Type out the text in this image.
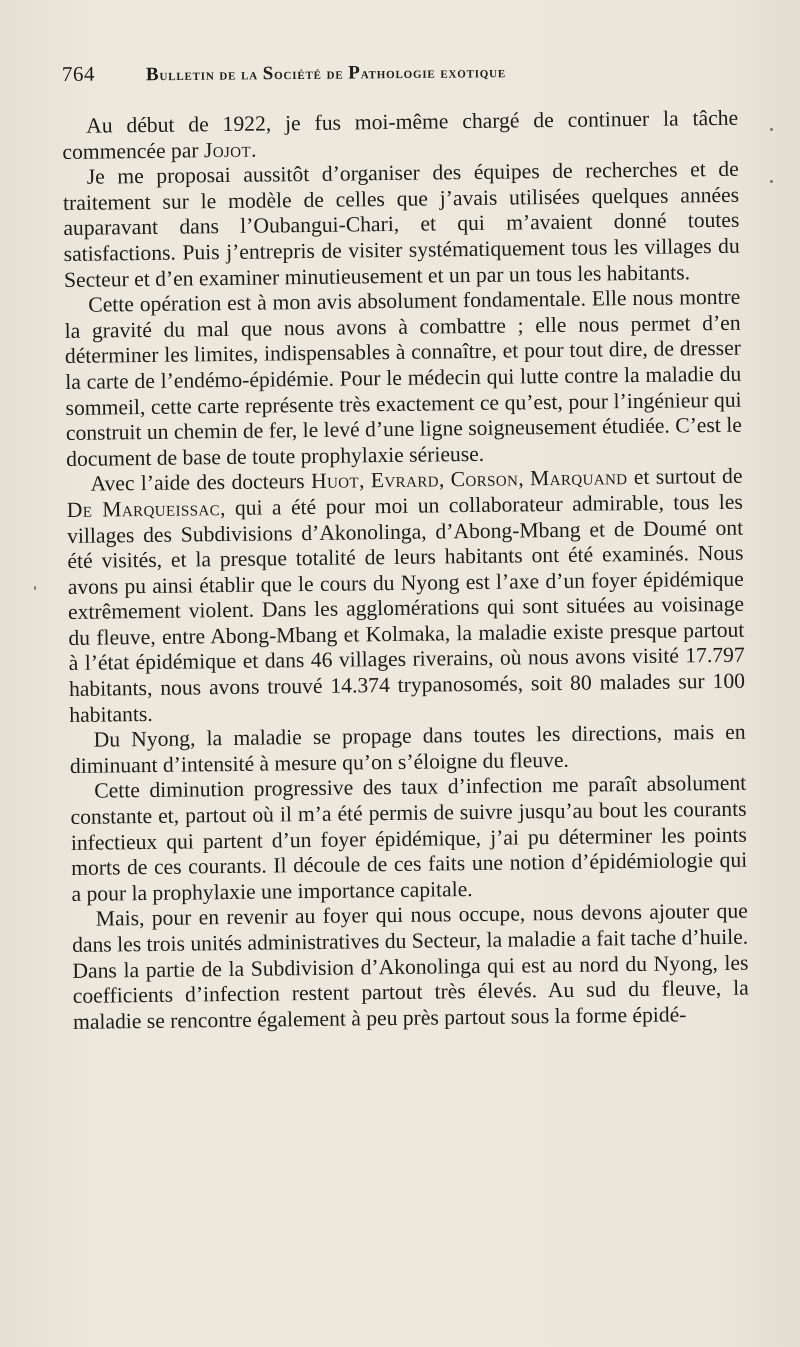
764	Bulletin de la Société de Pathologie exotique

Au début de 1922, je fus moi-même chargé de continuer la tâche commencée par Jojot.

Je me proposai aussitôt d’organiser des équipes de recherches et de traitement sur le modèle de celles que j’avais utilisées quelques années auparavant dans l’Oubangui-Chari, et qui m’avaient donné toutes satisfactions. Puis j’entrepris de visiter systématiquement tous les villages du Secteur et d’en examiner minutieusement et un par un tous les habitants.

Cette opération est à mon avis absolument fondamentale. Elle nous montre la gravité du mal que nous avons à combattre ; elle nous permet d’en déterminer les limites, indispensables à connaître, et pour tout dire, de dresser la carte de l’endémo-épidémie. Pour le médecin qui lutte contre la maladie du sommeil, cette carte représente très exactement ce qu’est, pour l’ingénieur qui construit un chemin de fer, le levé d’une ligne soigneusement étudiée. C’est le document de base de toute prophylaxie sérieuse.

Avec l’aide des docteurs Huot, Evrard, Corson, Marquand et surtout de De Marqueissac, qui a été pour moi un collaborateur admirable, tous les villages des Subdivisions d’Akonolinga, d’Abong-Mbang et de Doumé ont été visités, et la presque totalité de leurs habitants ont été examinés. Nous avons pu ainsi établir que le cours du Nyong est l’axe d’un foyer épidémique extrêmement violent. Dans les agglomérations qui sont situées au voisinage du fleuve, entre Abong-Mbang et Kolmaka, la maladie existe presque partout à l’état épidémique et dans 46 villages riverains, où nous avons visité 17.797 habitants, nous avons trouvé 14.374 trypanosomés, soit 80 malades sur 100 habitants.

Du Nyong, la maladie se propage dans toutes les directions, mais en diminuant d’intensité à mesure qu’on s’éloigne du fleuve.

Cette diminution progressive des taux d’infection me paraît absolument constante et, partout où il m’a été permis de suivre jusqu’au bout les courants infectieux qui partent d’un foyer épidémique, j’ai pu déterminer les points morts de ces courants. Il découle de ces faits une notion d’épidémiologie qui a pour la prophylaxie une importance capitale.

Mais, pour en revenir au foyer qui nous occupe, nous devons ajouter que dans les trois unités administratives du Secteur, la maladie a fait tache d’huile. Dans la partie de la Subdivision d’Akonolinga qui est au nord du Nyong, les coefficients d’infection restent partout très élevés. Au sud du fleuve, la maladie se rencontre également à peu près partout sous la forme épidé-
